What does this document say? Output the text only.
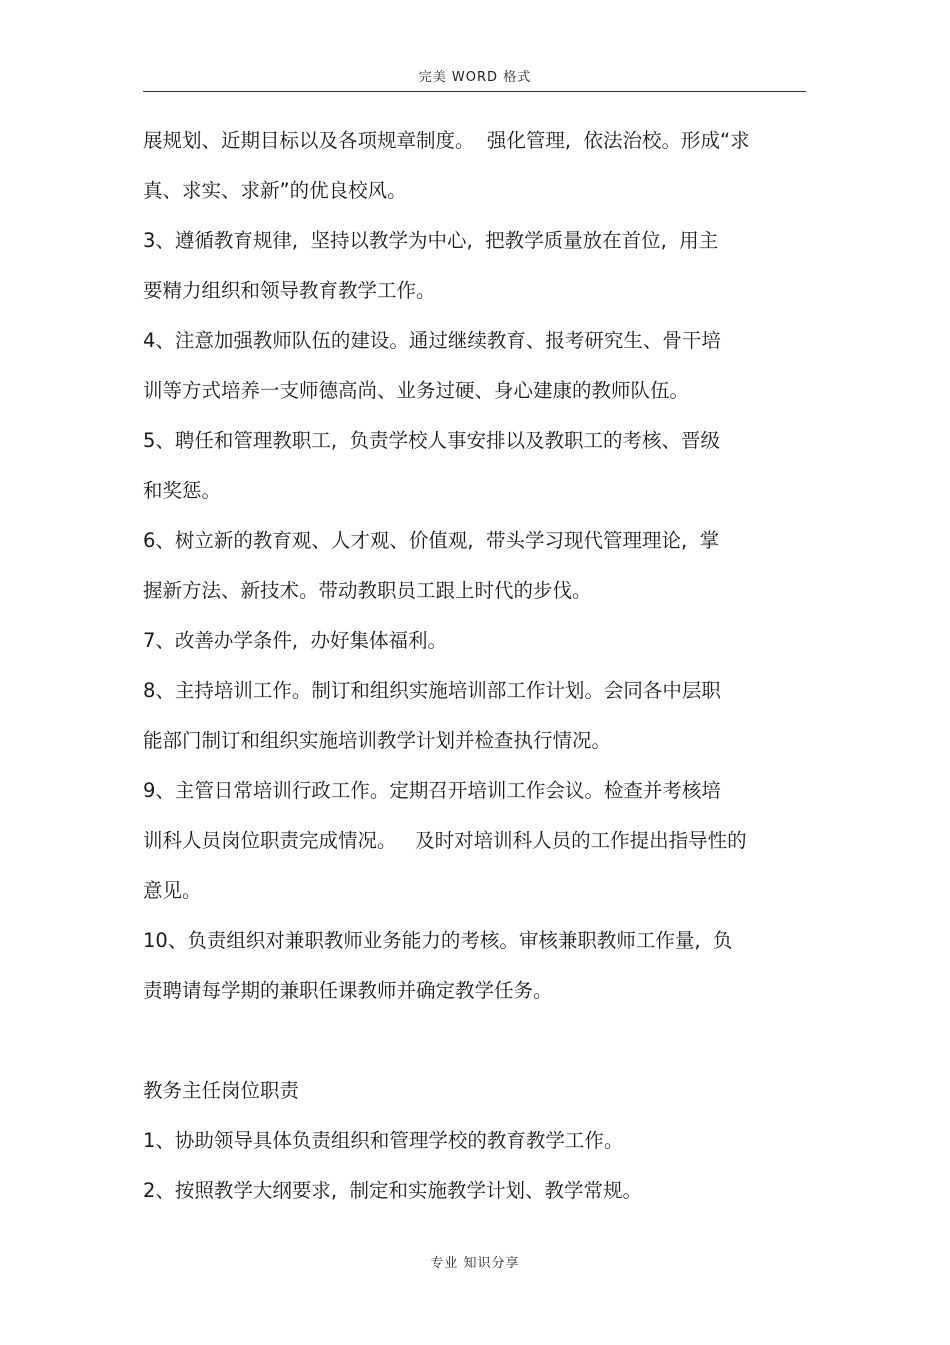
完美 WORD 格式
展规划、近期目标以及各项规章制度。  强化管理,  依法治校。形成“求
真、求实、求新”的优良校风。
3、遵循教育规律,  坚持以教学为中心,  把教学质量放在首位,  用主
要精力组织和领导教育教学工作。
4、注意加强教师队伍的建设。通过继续教育、报考研究生、骨干培
训等方式培养一支师德高尚、业务过硬、身心建康的教师队伍。
5、聘任和管理教职工,  负责学校人事安排以及教职工的考核、晋级
和奖惩。
6、树立新的教育观、人才观、价值观,  带头学习现代管理理论,  掌
握新方法、新技术。带动教职员工跟上时代的步伐。
7、改善办学条件,  办好集体福利。
8、主持培训工作。制订和组织实施培训部工作计划。会同各中层职
能部门制订和组织实施培训教学计划并检查执行情况。
9、主管日常培训行政工作。定期召开培训工作会议。检查并考核培
训科人员岗位职责完成情况。   及时对培训科人员的工作提出指导性的
意见。
10、负责组织对兼职教师业务能力的考核。审核兼职教师工作量,  负
责聘请每学期的兼职任课教师并确定教学任务。
教务主任岗位职责
1、协助领导具体负责组织和管理学校的教育教学工作。
2、按照教学大纲要求,  制定和实施教学计划、教学常规。
专业 知识分享
